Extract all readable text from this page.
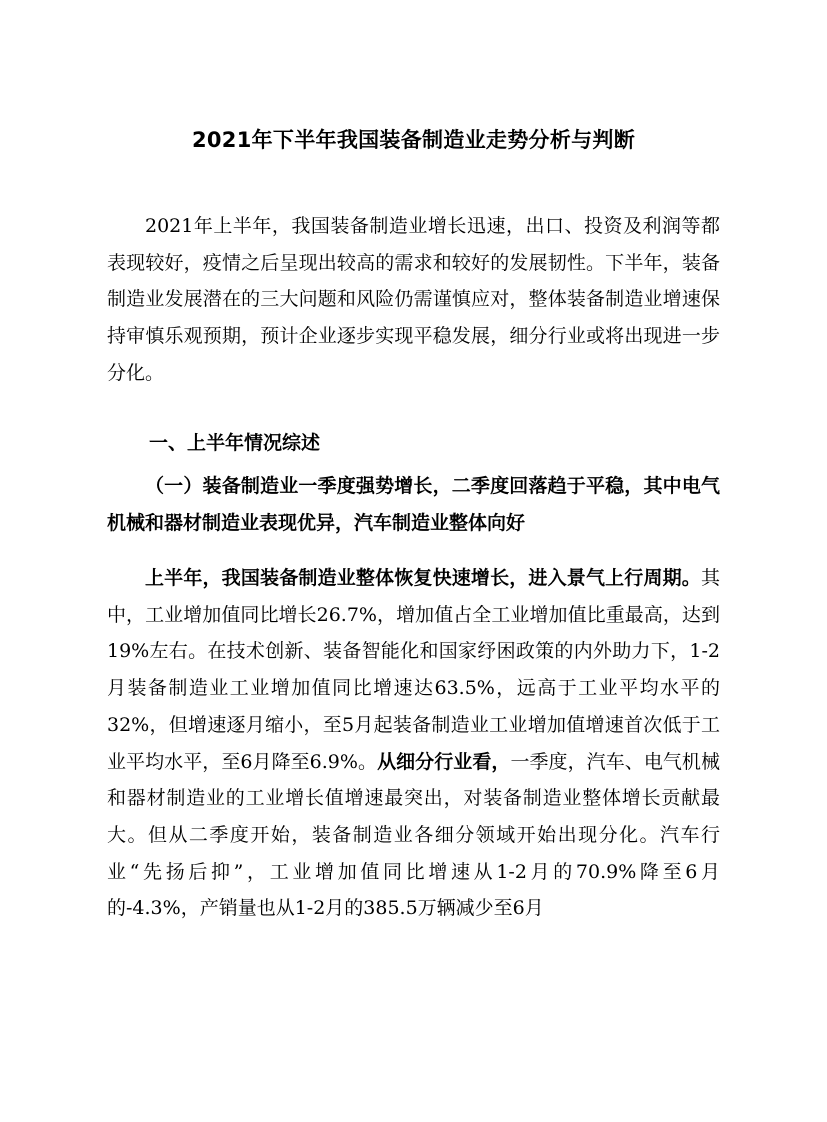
2021年下半年我国装备制造业走势分析与判断

2021年上半年，我国装备制造业增长迅速，出口、投资及利润等都表现较好，疫情之后呈现出较高的需求和较好的发展韧性。下半年，装备制造业发展潜在的三大问题和风险仍需谨慎应对，整体装备制造业增速保持审慎乐观预期，预计企业逐步实现平稳发展，细分行业或将出现进一步分化。

一、上半年情况综述
（一）装备制造业一季度强势增长，二季度回落趋于平稳，其中电气机械和器材制造业表现优异，汽车制造业整体向好

上半年，我国装备制造业整体恢复快速增长，进入景气上行周期。其中，工业增加值同比增长26.7%，增加值占全工业增加值比重最高，达到19%左右。在技术创新、装备智能化和国家纾困政策的内外助力下，1-2月装备制造业工业增加值同比增速达63.5%，远高于工业平均水平的32%，但增速逐月缩小，至5月起装备制造业工业增加值增速首次低于工业平均水平，至6月降至6.9%。从细分行业看，一季度，汽车、电气机械和器材制造业的工业增长值增速最突出，对装备制造业整体增长贡献最大。但从二季度开始，装备制造业各细分领域开始出现分化。汽车行业“先扬后抑”，工业增加值同比增速从1-2月的70.9%降至6月的-4.3%，产销量也从1-2月的385.5万辆减少至6月
